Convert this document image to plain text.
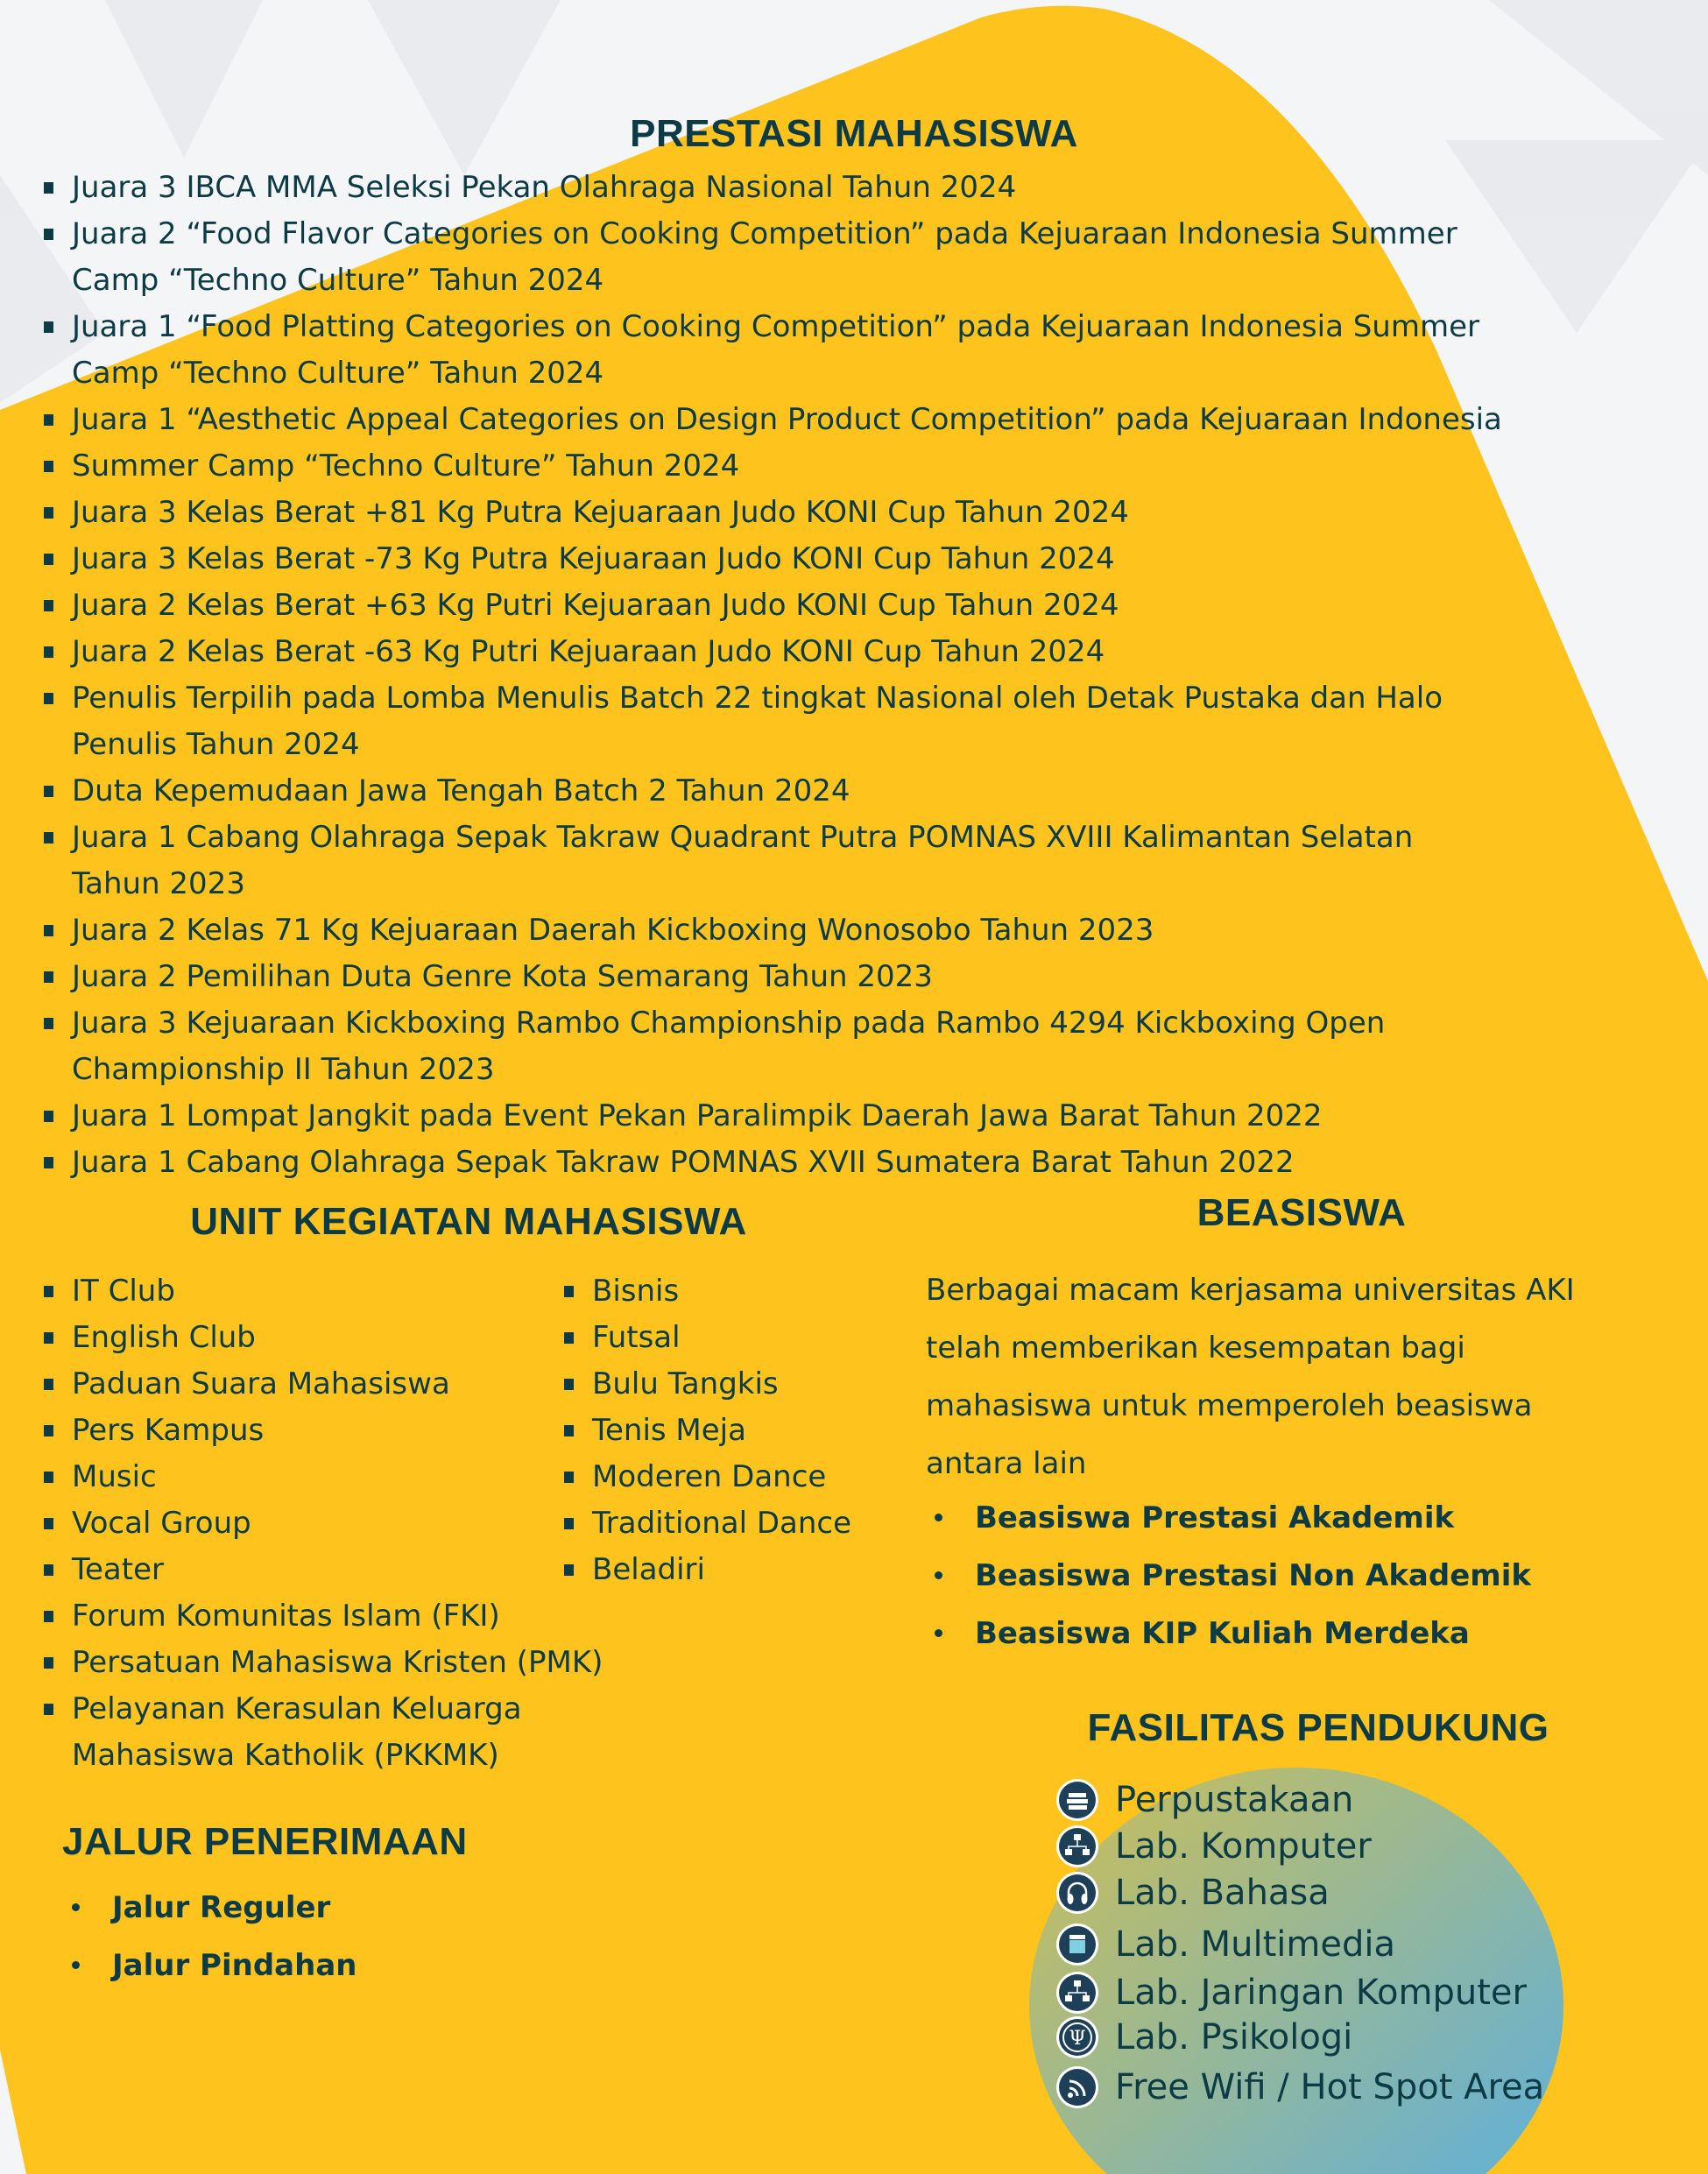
PRESTASI MAHASISWA
Juara 3 IBCA MMA Seleksi Pekan Olahraga Nasional Tahun 2024
Juara 2 “Food Flavor Categories on Cooking Competition” pada Kejuaraan Indonesia Summer
Camp “Techno Culture” Tahun 2024
Juara 1 “Food Platting Categories on Cooking Competition” pada Kejuaraan Indonesia Summer
Camp “Techno Culture” Tahun 2024
Juara 1 “Aesthetic Appeal Categories on Design Product Competition” pada Kejuaraan Indonesia
Summer Camp “Techno Culture” Tahun 2024
Juara 3 Kelas Berat +81 Kg Putra Kejuaraan Judo KONI Cup Tahun 2024
Juara 3 Kelas Berat -73 Kg Putra Kejuaraan Judo KONI Cup Tahun 2024
Juara 2 Kelas Berat +63 Kg Putri Kejuaraan Judo KONI Cup Tahun 2024
Juara 2 Kelas Berat -63 Kg Putri Kejuaraan Judo KONI Cup Tahun 2024
Penulis Terpilih pada Lomba Menulis Batch 22 tingkat Nasional oleh Detak Pustaka dan Halo
Penulis Tahun 2024
Duta Kepemudaan Jawa Tengah Batch 2 Tahun 2024
Juara 1 Cabang Olahraga Sepak Takraw Quadrant Putra POMNAS XVIII Kalimantan Selatan
Tahun 2023
Juara 2 Kelas 71 Kg Kejuaraan Daerah Kickboxing Wonosobo Tahun 2023
Juara 2 Pemilihan Duta Genre Kota Semarang Tahun 2023
Juara 3 Kejuaraan Kickboxing Rambo Championship pada Rambo 4294 Kickboxing Open
Championship II Tahun 2023
Juara 1 Lompat Jangkit pada Event Pekan Paralimpik Daerah Jawa Barat Tahun 2022
Juara 1 Cabang Olahraga Sepak Takraw POMNAS XVII Sumatera Barat Tahun 2022
UNIT KEGIATAN MAHASISWA
IT Club
English Club
Paduan Suara Mahasiswa
Pers Kampus
Music
Vocal Group
Teater
Forum Komunitas Islam (FKI)
Persatuan Mahasiswa Kristen (PMK)
Pelayanan Kerasulan Keluarga
Mahasiswa Katholik (PKKMK)
Bisnis
Futsal
Bulu Tangkis
Tenis Meja
Moderen Dance
Traditional Dance
Beladiri
BEASISWA
Berbagai macam kerjasama universitas AKI
telah memberikan kesempatan bagi
mahasiswa untuk memperoleh beasiswa
antara lain
Beasiswa Prestasi Akademik
Beasiswa Prestasi Non Akademik
Beasiswa KIP Kuliah Merdeka
JALUR PENERIMAAN
Jalur Reguler
Jalur Pindahan
FASILITAS PENDUKUNG
Perpustakaan
Lab. Komputer
Lab. Bahasa
Lab. Multimedia
Lab. Jaringan Komputer
Ψ Lab. Psikologi
Free Wifi / Hot Spot Area
